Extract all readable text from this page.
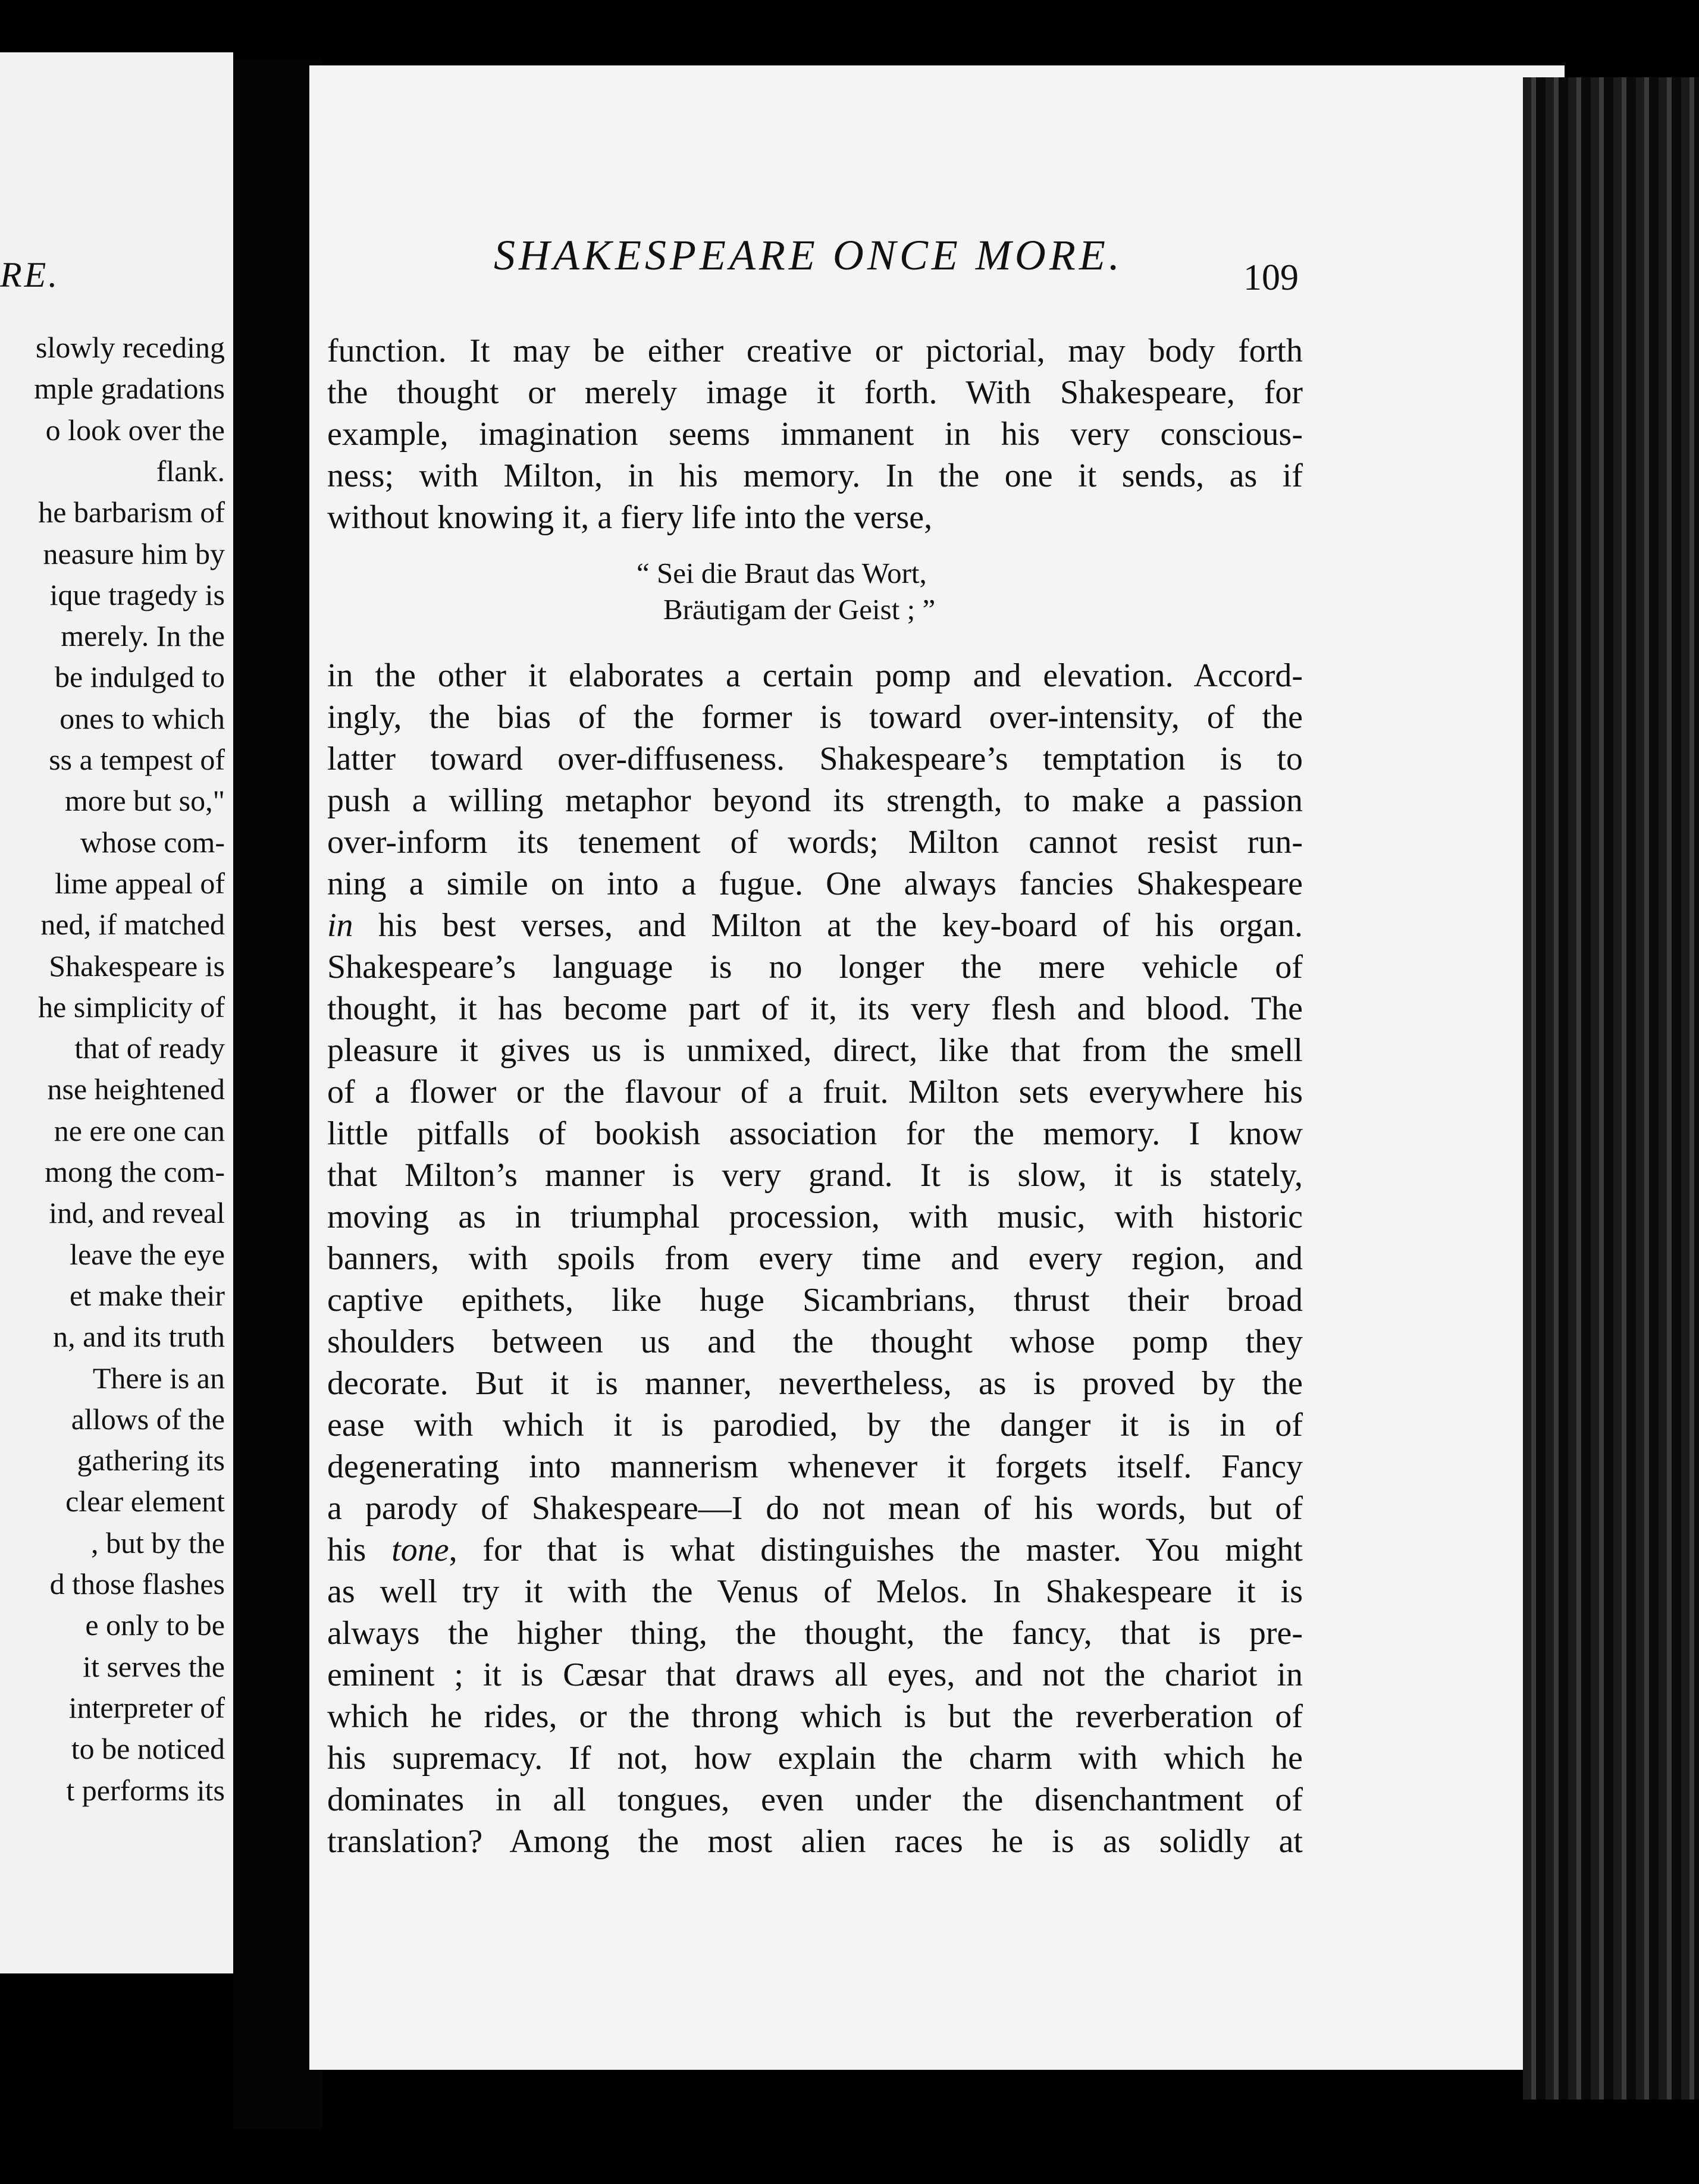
RE.
slowly receding
mple gradations
o look over the
flank.
he barbarism of
neasure him by
ique tragedy is
merely. In the
be indulged to
ones to which
ss a tempest of
more but so,"
whose com-
lime appeal of
ned, if matched
Shakespeare is
he simplicity of
that of ready
nse heightened
ne ere one can
mong the com-
ind, and reveal
leave the eye
et make their
n, and its truth
There is an
allows of the
gathering its
clear element
, but by the
d those flashes
e only to be
it serves the
interpreter of
to be noticed
t performs its
SHAKESPEARE ONCE MORE.	109
function. It may be either creative or pictorial, may body forth
the thought or merely image it forth. With Shakespeare, for
example, imagination seems immanent in his very conscious-
ness; with Milton, in his memory. In the one it sends, as if
without knowing it, a fiery life into the verse,
“ Sei die Braut das Wort,
Bräutigam der Geist ; ”
in the other it elaborates a certain pomp and elevation. Accord-
ingly, the bias of the former is toward over-intensity, of the
latter toward over-diffuseness. Shakespeare’s temptation is to
push a willing metaphor beyond its strength, to make a passion
over-inform its tenement of words; Milton cannot resist run-
ning a simile on into a fugue. One always fancies Shakespeare
in his best verses, and Milton at the key-board of his organ.
Shakespeare’s language is no longer the mere vehicle of
thought, it has become part of it, its very flesh and blood. The
pleasure it gives us is unmixed, direct, like that from the smell
of a flower or the flavour of a fruit. Milton sets everywhere his
little pitfalls of bookish association for the memory. I know
that Milton’s manner is very grand. It is slow, it is stately,
moving as in triumphal procession, with music, with historic
banners, with spoils from every time and every region, and
captive epithets, like huge Sicambrians, thrust their broad
shoulders between us and the thought whose pomp they
decorate. But it is manner, nevertheless, as is proved by the
ease with which it is parodied, by the danger it is in of
degenerating into mannerism whenever it forgets itself. Fancy
a parody of Shakespeare—I do not mean of his words, but of
his tone, for that is what distinguishes the master. You might
as well try it with the Venus of Melos. In Shakespeare it is
always the higher thing, the thought, the fancy, that is pre-
eminent ; it is Cæsar that draws all eyes, and not the chariot in
which he rides, or the throng which is but the reverberation of
his supremacy. If not, how explain the charm with which he
dominates in all tongues, even under the disenchantment of
translation? Among the most alien races he is as solidly at
